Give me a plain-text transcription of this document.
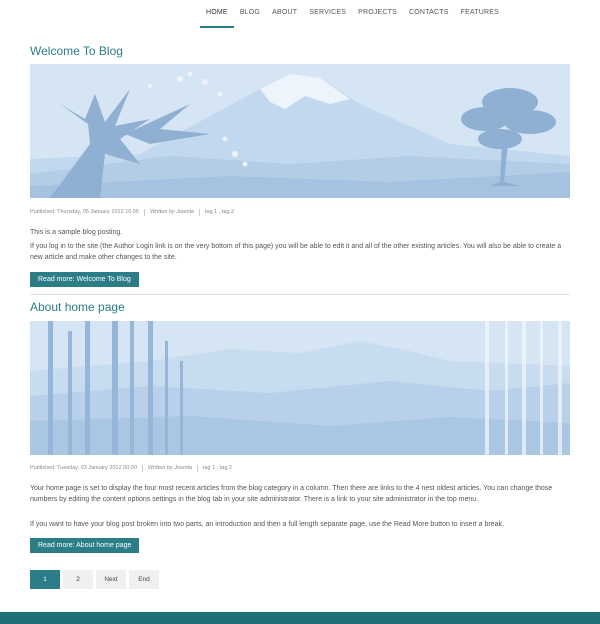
HOME	BLOG	ABOUT	SERVICES	PROJECTS	CONTACTS	FEATURES
Welcome To Blog
Published: Thursday, 05 January 2012 16:55 Written by Joomla tag 1 , tag 2

This is a sample blog posting.

If you log in to the site (the Author Login link is on the very bottom of this page) you will be able to edit it and all of the other existing articles. You will also be able to create a new article and make other changes to the site.

Read more: Welcome To Blog
About home page
Published: Tuesday, 03 January 2012 00:00 Written by Joomla tag 1 , tag 2

Your home page is set to display the four most recent articles from the blog category in a column. Then there are links to the 4 nest oldest articles. You can change those numbers by editing the content options settings in the blog tab in your site administrator. There is a link to your site administrator in the top menu.

If you want to have your blog post broken into two parts, an introduction and then a full length separate page, use the Read More button to insert a break.

Read more: About home page
1	2	Next	End
